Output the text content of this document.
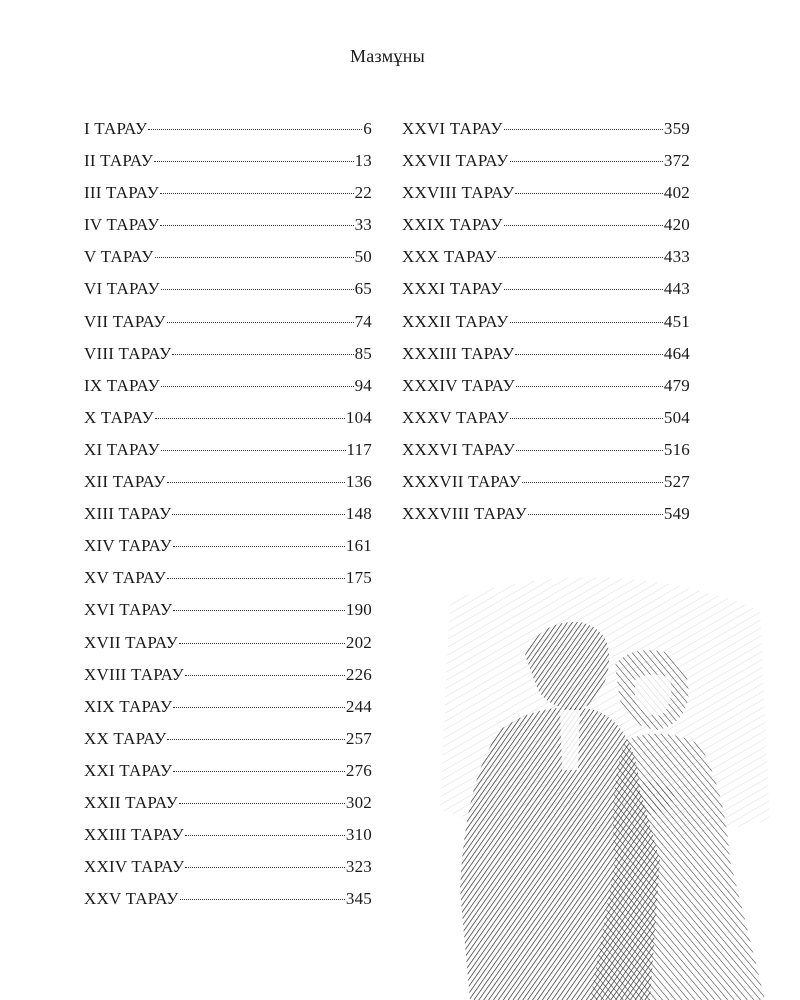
Мазмұны
I ТАРАУ	6
II ТАРАУ	13
III ТАРАУ	22
IV ТАРАУ	33
V ТАРАУ	50
VI ТАРАУ	65
VII ТАРАУ	74
VIII ТАРАУ	85
IX ТАРАУ	94
X ТАРАУ	104
XI ТАРАУ	117
XII ТАРАУ	136
XIII ТАРАУ	148
XIV ТАРАУ	161
XV ТАРАУ	175
XVI ТАРАУ	190
XVII ТАРАУ	202
XVIII ТАРАУ	226
XIX ТАРАУ	244
XX ТАРАУ	257
XXI ТАРАУ	276
XXII ТАРАУ	302
XXIII ТАРАУ	310
XXIV ТАРАУ	323
XXV ТАРАУ	345
XXVI ТАРАУ	359
XXVII ТАРАУ	372
XXVIII ТАРАУ	402
XXIX ТАРАУ	420
XXX ТАРАУ	433
XXXI ТАРАУ	443
XXXII ТАРАУ	451
XXXIII ТАРАУ	464
XXXIV ТАРАУ	479
XXXV ТАРАУ	504
XXXVI ТАРАУ	516
XXXVII ТАРАУ	527
XXXVIII ТАРАУ	549
